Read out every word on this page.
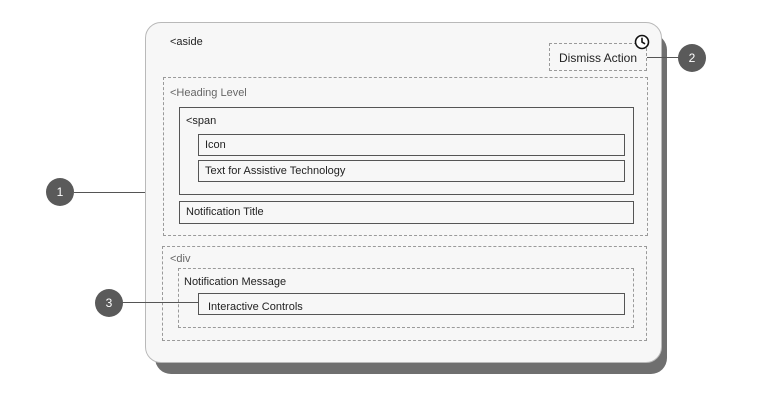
<aside
Dismiss Action
<Heading Level
<span
Icon
Text for Assistive Technology
Notification Title
<div
Notification Message
Interactive Controls
1
2
3
